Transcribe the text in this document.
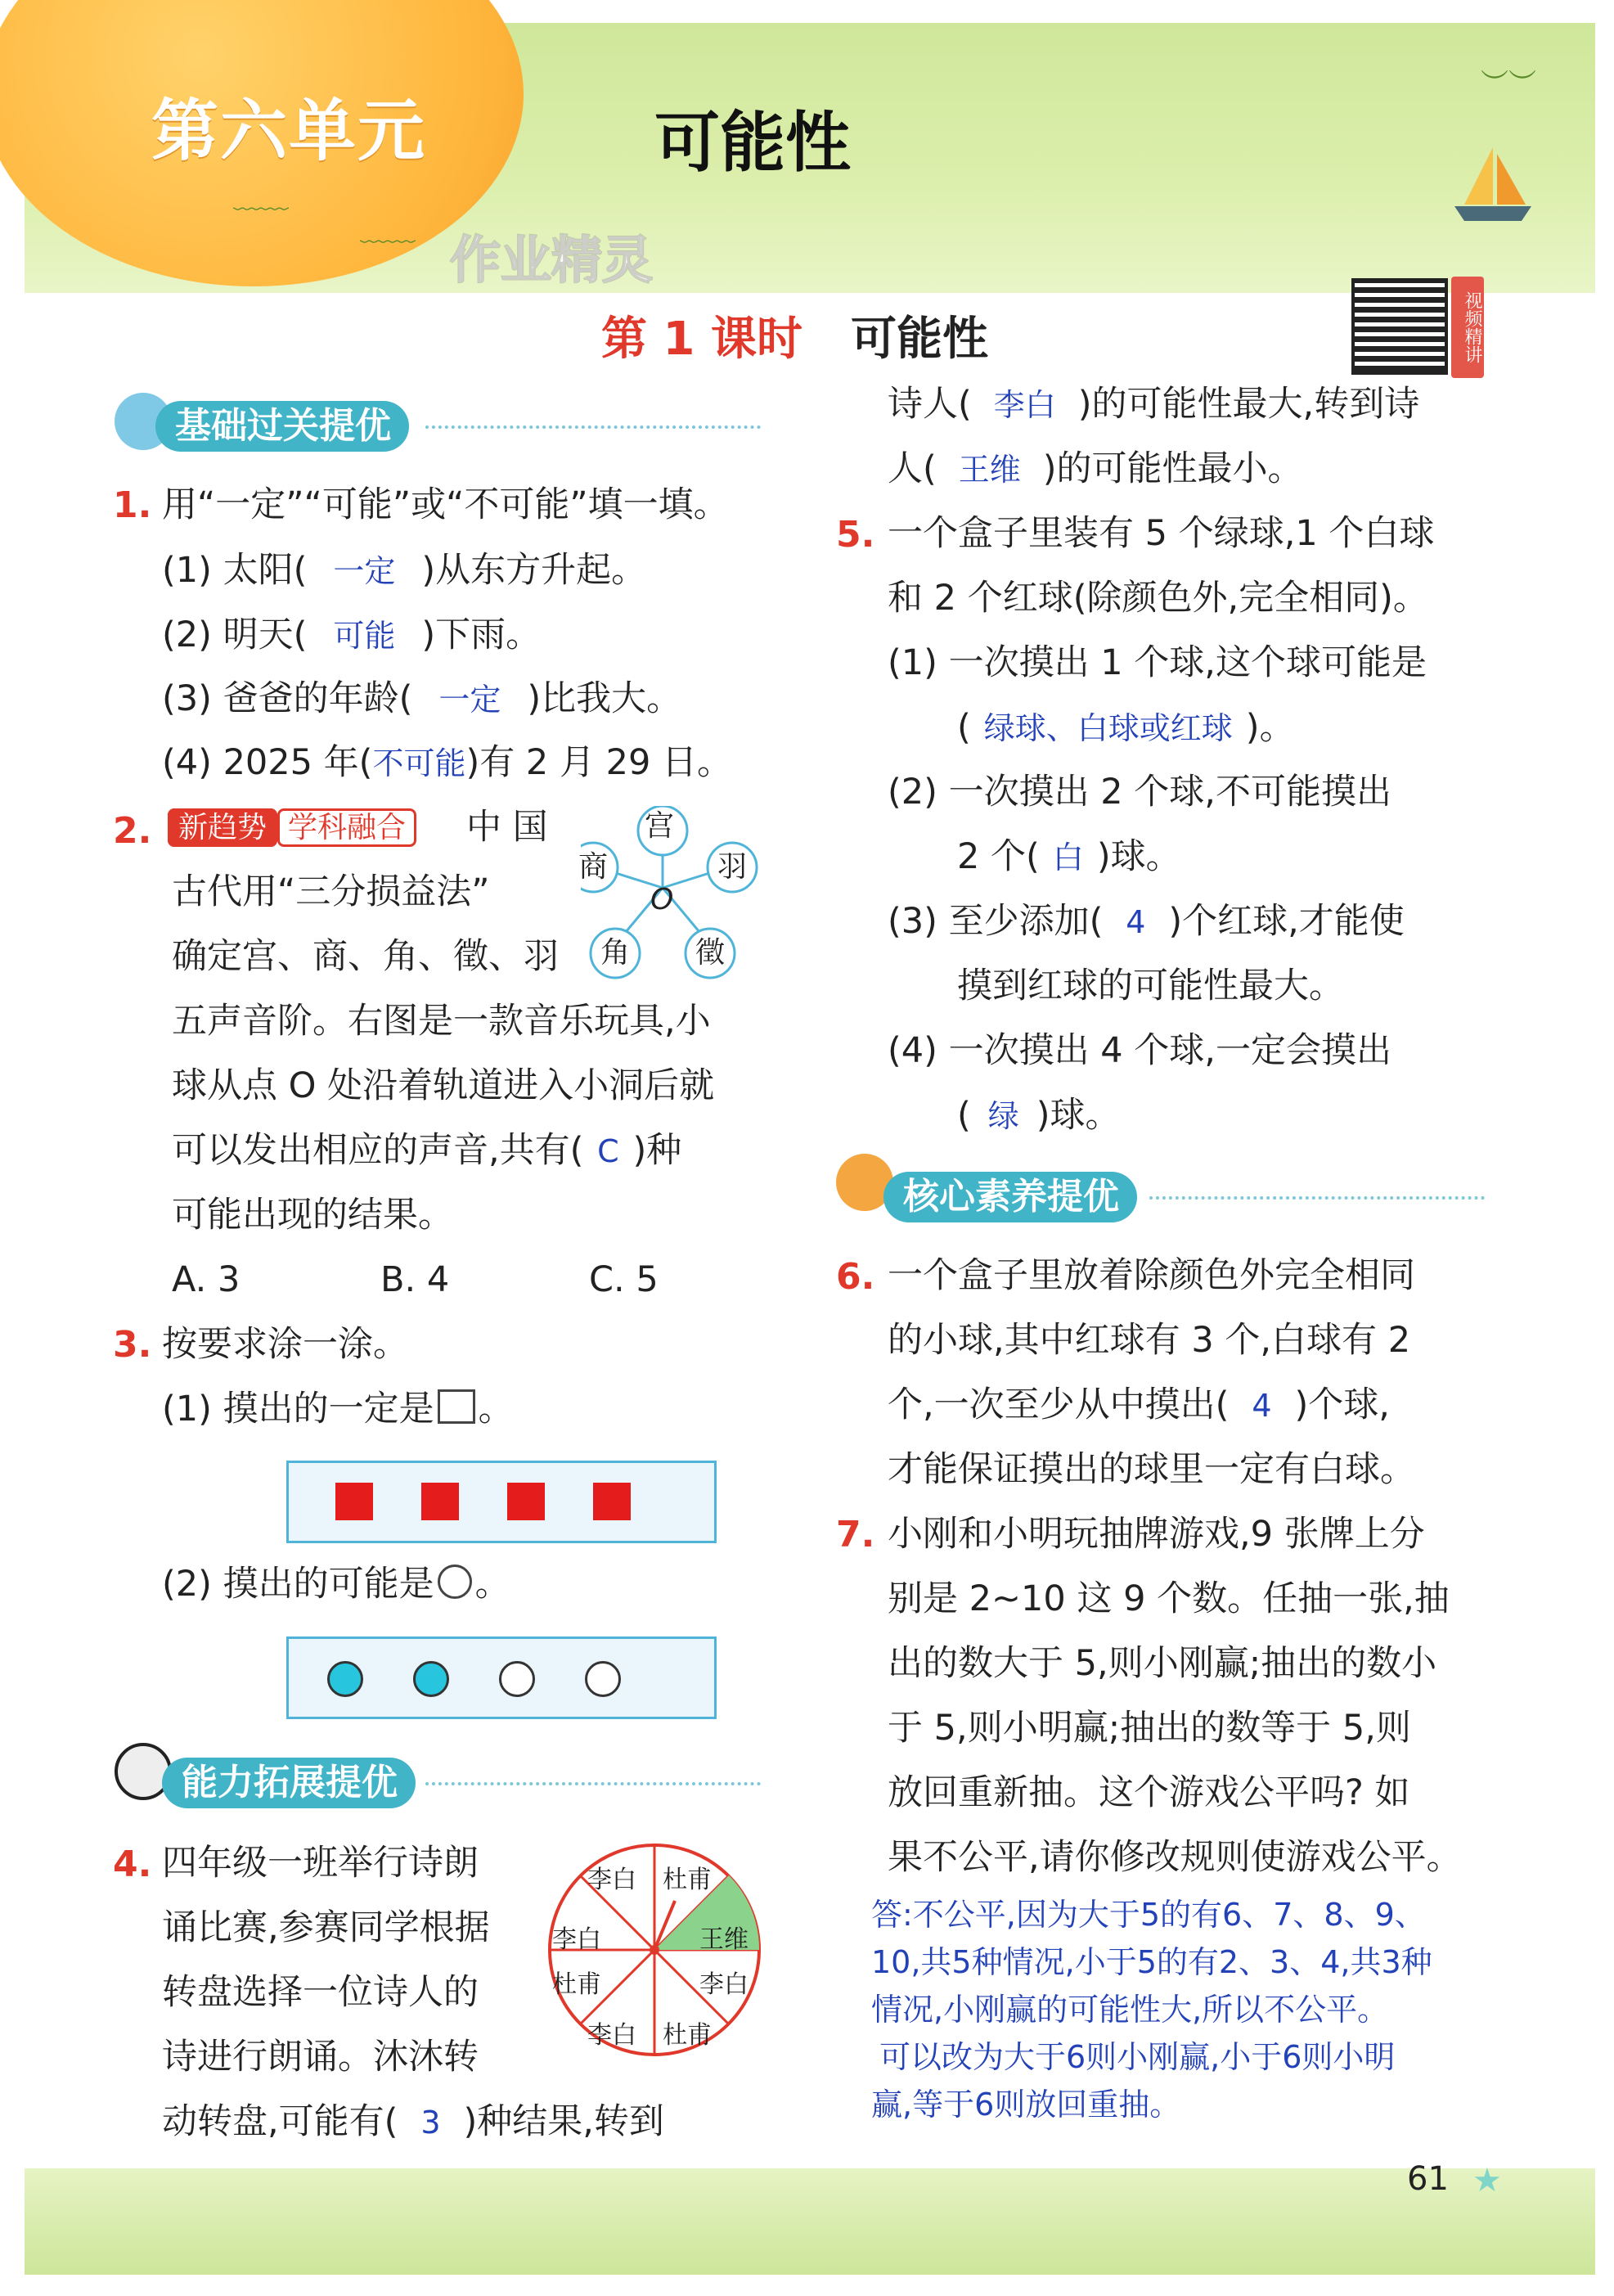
第六单元	可能性
﹏﹏
﹏﹏
︶︶
作业精灵
第 1 课时 可能性	视频精讲
基础过关提优
1. 用“一定”“可能”或“不可能”填一填。
(1) 太阳( 一定 )从东方升起。
(2) 明天( 可能 )下雨。
(3) 爸爸的年龄( 一定 )比我大。
(4) 2025 年(不可能)有 2 月 29 日。
2. 新趋势 学科融合	中 国
古代用“三分损益法”
确定宫、商、角、徵、羽
五声音阶。右图是一款音乐玩具,小
球从点 O 处沿着轨道进入小洞后就
可以发出相应的声音,共有( C )种
可能出现的结果。
A. 3	B. 4	C. 5
宫
羽
徵
角
商
O
3. 按要求涂一涂。
(1) 摸出的一定是 。
(2) 摸出的可能是 。
能力拓展提优
4. 四年级一班举行诗朗
诵比赛,参赛同学根据
转盘选择一位诗人的
诗进行朗诵。沐沐转
动转盘,可能有( 3 )种结果,转到
李白 杜甫
王维
李白
杜甫
李白
杜甫
李白
诗人( 李白 )的可能性最大,转到诗
人( 王维 )的可能性最小。
5. 一个盒子里装有 5 个绿球,1 个白球
和 2 个红球(除颜色外,完全相同)。
(1) 一次摸出 1 个球,这个球可能是
( 绿球、白球或红球 )。
(2) 一次摸出 2 个球,不可能摸出
2 个( 白 )球。
(3) 至少添加( 4 )个红球,才能使
摸到红球的可能性最大。
(4) 一次摸出 4 个球,一定会摸出
( 绿 )球。
核心素养提优
6. 一个盒子里放着除颜色外完全相同
的小球,其中红球有 3 个,白球有 2
个,一次至少从中摸出( 4 )个球,
才能保证摸出的球里一定有白球。
7. 小刚和小明玩抽牌游戏,9 张牌上分
别是 2~10 这 9 个数。任抽一张,抽
出的数大于 5,则小刚赢;抽出的数小
于 5,则小明赢;抽出的数等于 5,则
放回重新抽。这个游戏公平吗? 如
果不公平,请你修改规则使游戏公平。
答:不公平,因为大于5的有6、7、8、9、
10,共5种情况,小于5的有2、3、4,共3种
情况,小刚赢的可能性大,所以不公平。
可以改为大于6则小刚赢,小于6则小明
赢,等于6则放回重抽。
61 ★
